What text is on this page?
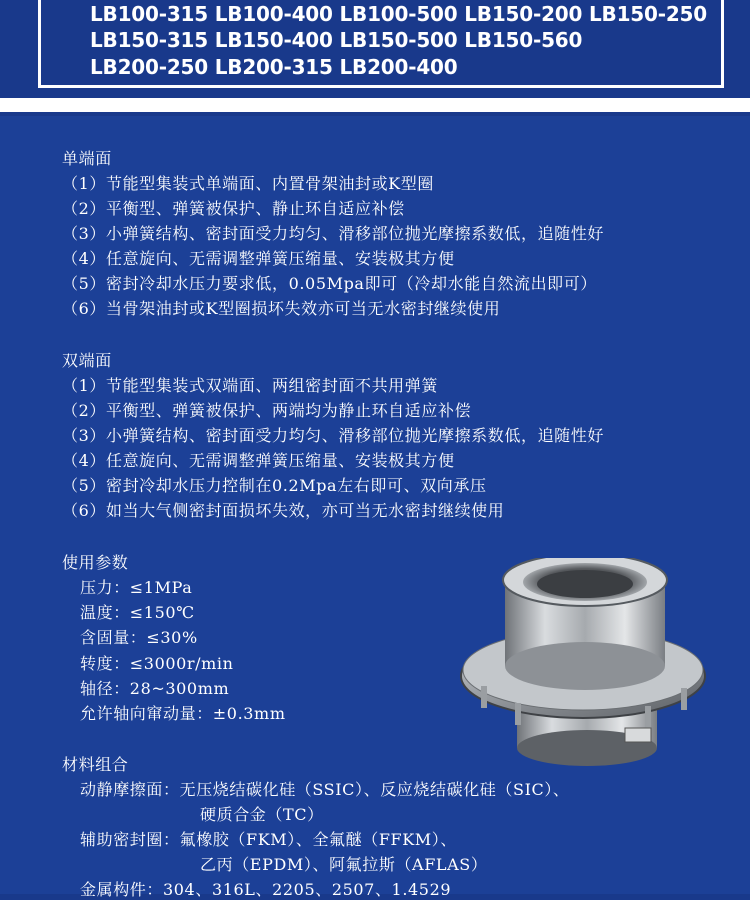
LB100-315 LB100-400 LB100-500 LB150-200 LB150-250
LB150-315 LB150-400 LB150-500 LB150-560
LB200-250 LB200-315 LB200-400
单端面
（1）节能型集装式单端面、内置骨架油封或K型圈
（2）平衡型、弹簧被保护、静止环自适应补偿
（3）小弹簧结构、密封面受力均匀、滑移部位抛光摩擦系数低，追随性好
（4）任意旋向、无需调整弹簧压缩量、安装极其方便
（5）密封冷却水压力要求低，0.05Mpa即可（冷却水能自然流出即可）
（6）当骨架油封或K型圈损坏失效亦可当无水密封继续使用
双端面
（1）节能型集装式双端面、两组密封面不共用弹簧
（2）平衡型、弹簧被保护、两端均为静止环自适应补偿
（3）小弹簧结构、密封面受力均匀、滑移部位抛光摩擦系数低，追随性好
（4）任意旋向、无需调整弹簧压缩量、安装极其方便
（5）密封冷却水压力控制在0.2Mpa左右即可、双向承压
（6）如当大气侧密封面损坏失效，亦可当无水密封继续使用
使用参数
压力：≤1MPa
温度：≤150℃
含固量：≤30%
转度：≤3000r/min
轴径：28~300mm
允许轴向窜动量：±0.3mm
材料组合
动静摩擦面：无压烧结碳化硅（SSIC）、反应烧结碳化硅（SIC）、
硬质合金（TC）
辅助密封圈：氟橡胶（FKM）、全氟醚（FFKM）、
乙丙（EPDM）、阿氟拉斯（AFLAS）
金属构件：304、316L、2205、2507、1.4529
